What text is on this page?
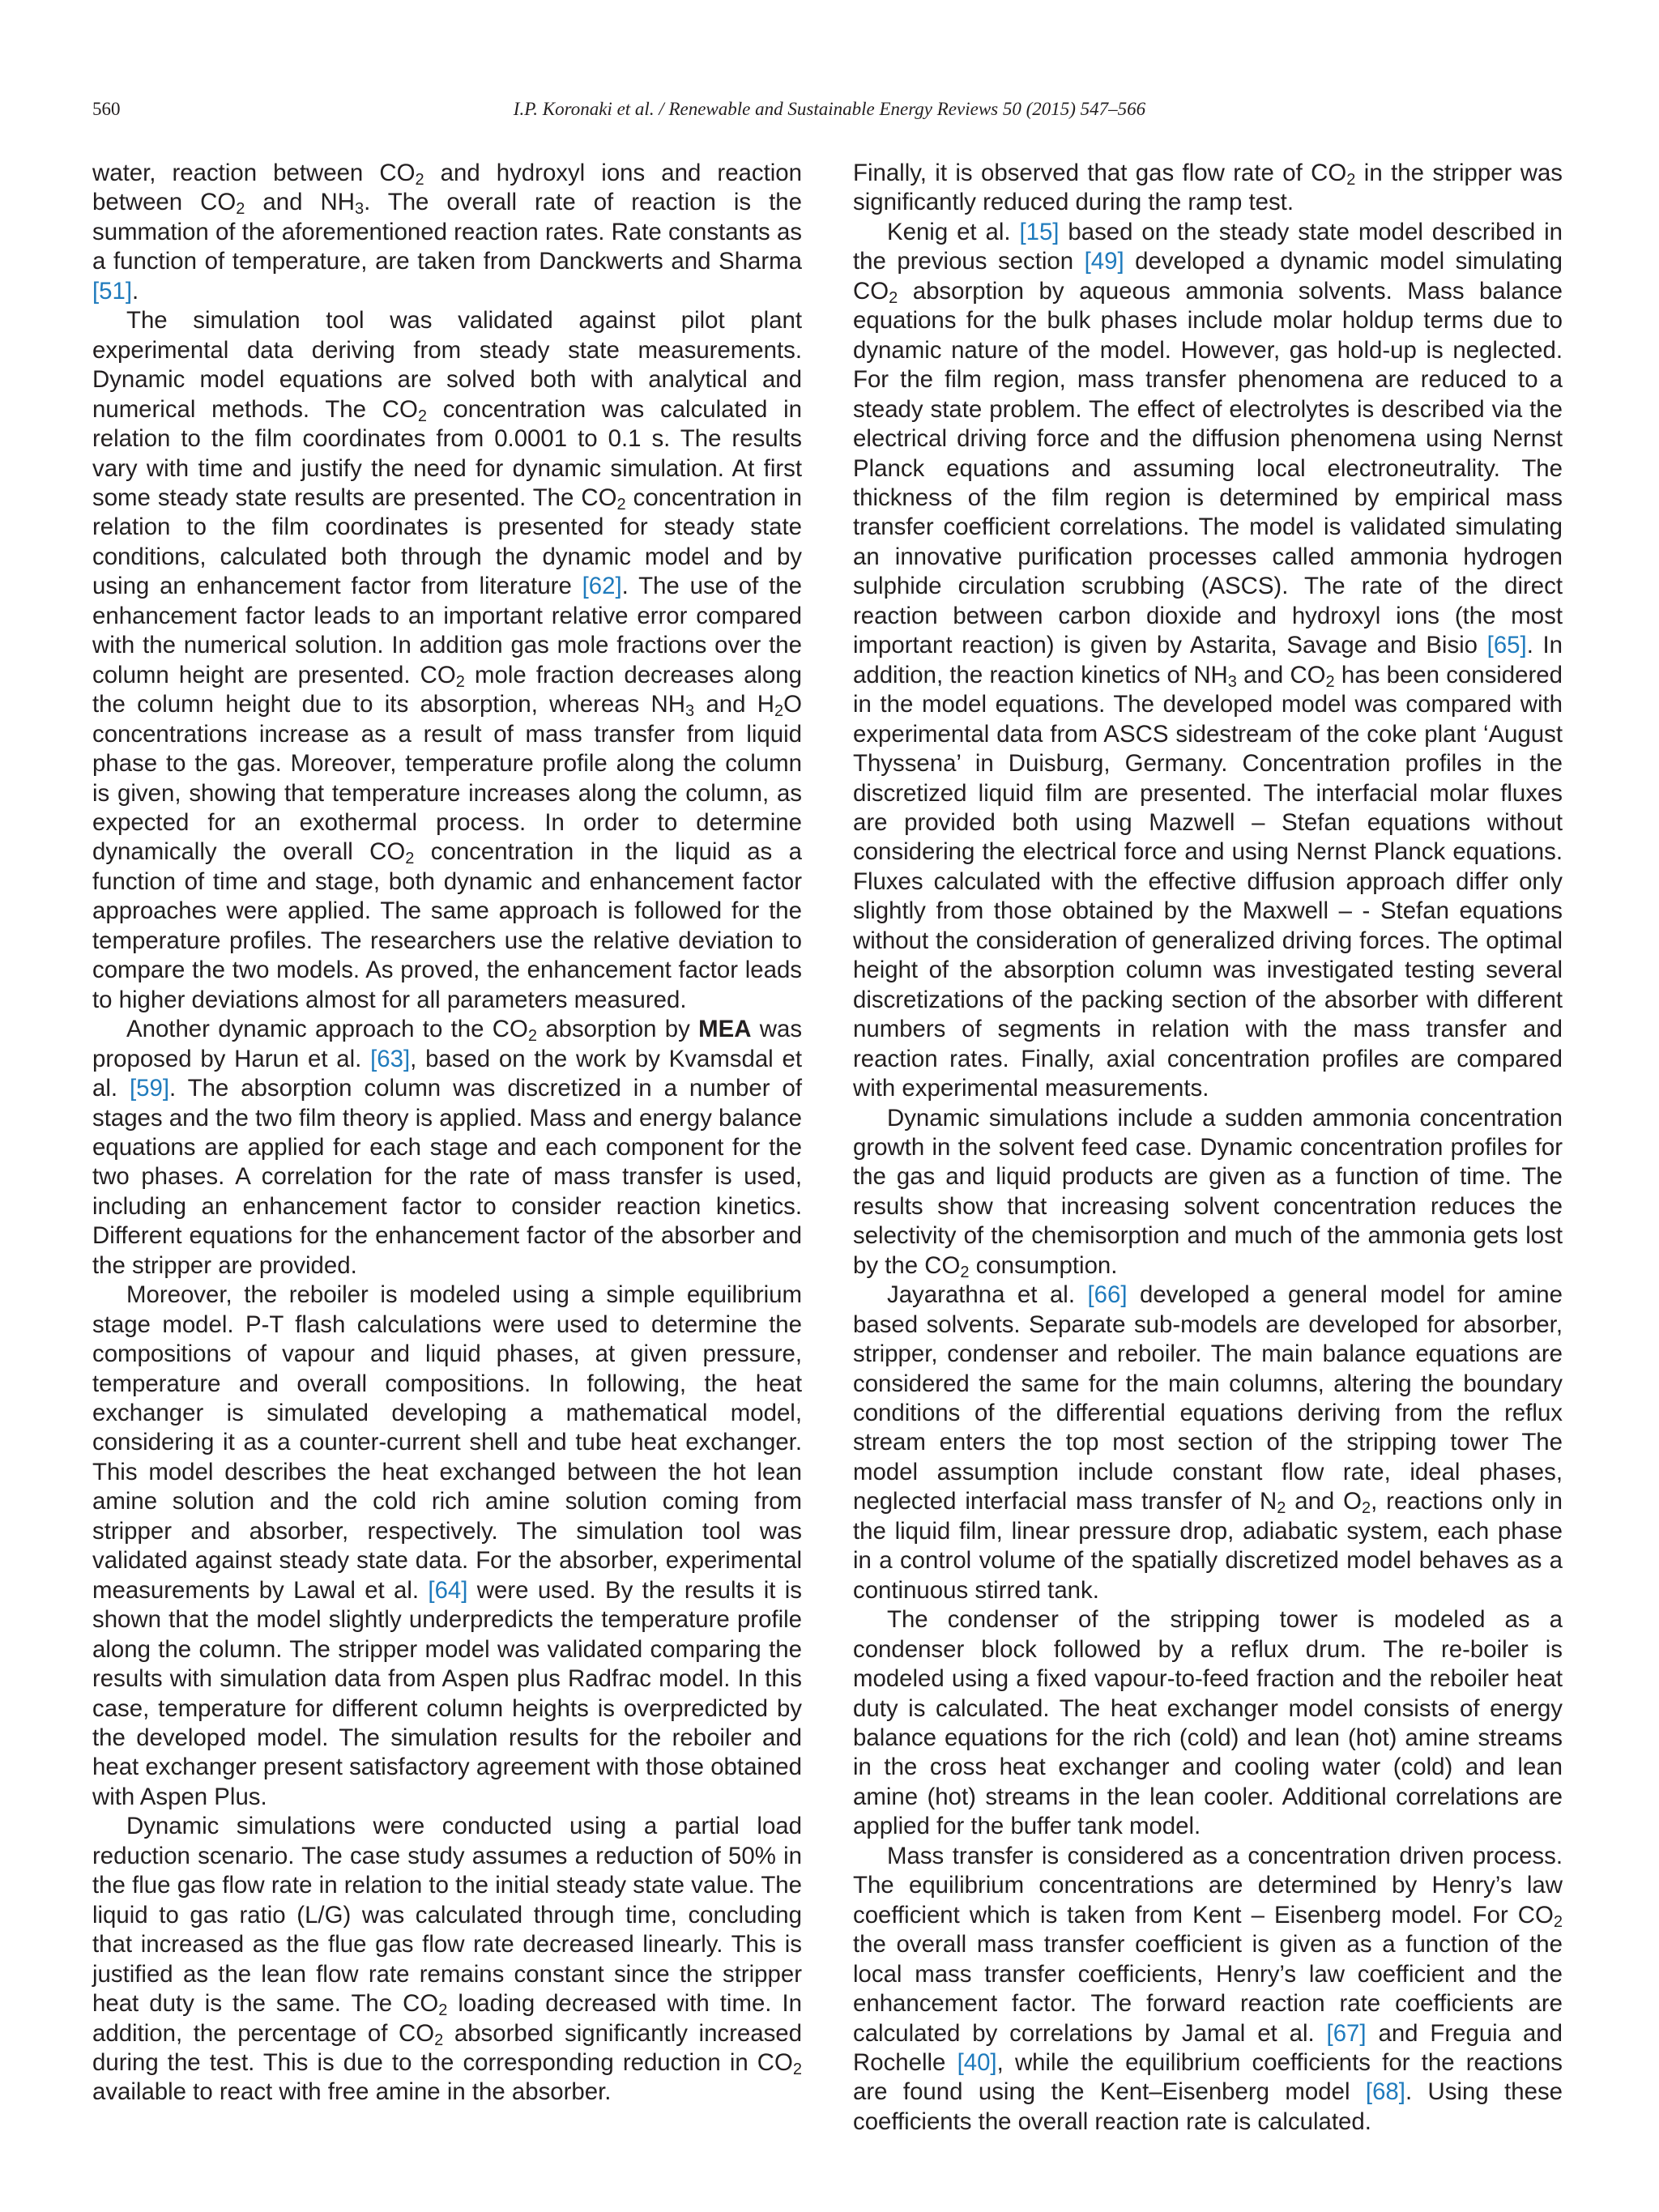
560	I.P. Koronaki et al. / Renewable and Sustainable Energy Reviews 50 (2015) 547–566

water, reaction between $CO_2$ and hydroxyl ions and reaction between $CO_2$ and $NH_3$. The overall rate of reaction is the summation of the aforementioned reaction rates. Rate constants as a function of temperature, are taken from Danckwerts and Sharma [51].

The simulation tool was validated against pilot plant experimental data deriving from steady state measurements. Dynamic model equations are solved both with analytical and numerical methods. The $CO_2$ concentration was calculated in relation to the film coordinates from 0.0001 to 0.1 s. The results vary with time and justify the need for dynamic simulation. At first some steady state results are presented. The $CO_2$ concentration in relation to the film coordinates is presented for steady state conditions, calculated both through the dynamic model and by using an enhancement factor from literature [62]. The use of the enhancement factor leads to an important relative error compared with the numerical solution. In addition gas mole fractions over the column height are presented. $CO_2$ mole fraction decreases along the column height due to its absorption, whereas $NH_3$ and $H_2O$ concentrations increase as a result of mass transfer from liquid phase to the gas. Moreover, temperature profile along the column is given, showing that temperature increases along the column, as expected for an exothermal process. In order to determine dynamically the overall $CO_2$ concentration in the liquid as a function of time and stage, both dynamic and enhancement factor approaches were applied. The same approach is followed for the temperature profiles. The researchers use the relative deviation to compare the two models. As proved, the enhancement factor leads to higher deviations almost for all parameters measured.

Another dynamic approach to the $CO_2$ absorption by MEA was proposed by Harun et al. [63], based on the work by Kvamsdal et al. [59]. The absorption column was discretized in a number of stages and the two film theory is applied. Mass and energy balance equations are applied for each stage and each component for the two phases. A correlation for the rate of mass transfer is used, including an enhancement factor to consider reaction kinetics. Different equations for the enhancement factor of the absorber and the stripper are provided.

Moreover, the reboiler is modeled using a simple equilibrium stage model. P-T flash calculations were used to determine the compositions of vapour and liquid phases, at given pressure, temperature and overall compositions. In following, the heat exchanger is simulated developing a mathematical model, considering it as a counter-current shell and tube heat exchanger. This model describes the heat exchanged between the hot lean amine solution and the cold rich amine solution coming from stripper and absorber, respectively. The simulation tool was validated against steady state data. For the absorber, experimental measurements by Lawal et al. [64] were used. By the results it is shown that the model slightly underpredicts the temperature profile along the column. The stripper model was validated comparing the results with simulation data from Aspen plus Radfrac model. In this case, temperature for different column heights is overpredicted by the developed model. The simulation results for the reboiler and heat exchanger present satisfactory agreement with those obtained with Aspen Plus.

Dynamic simulations were conducted using a partial load reduction scenario. The case study assumes a reduction of 50% in the flue gas flow rate in relation to the initial steady state value. The liquid to gas ratio (L/G) was calculated through time, concluding that increased as the flue gas flow rate decreased linearly. This is justified as the lean flow rate remains constant since the stripper heat duty is the same. The $CO_2$ loading decreased with time. In addition, the percentage of $CO_2$ absorbed significantly increased during the test. This is due to the corresponding reduction in $CO_2$ available to react with free amine in the absorber.

Finally, it is observed that gas flow rate of $CO_2$ in the stripper was significantly reduced during the ramp test.

Kenig et al. [15] based on the steady state model described in the previous section [49] developed a dynamic model simulating $CO_2$ absorption by aqueous ammonia solvents. Mass balance equations for the bulk phases include molar holdup terms due to dynamic nature of the model. However, gas hold-up is neglected. For the film region, mass transfer phenomena are reduced to a steady state problem. The effect of electrolytes is described via the electrical driving force and the diffusion phenomena using Nernst Planck equations and assuming local electroneutrality. The thickness of the film region is determined by empirical mass transfer coefficient correlations. The model is validated simulating an innovative purification processes called ammonia hydrogen sulphide circulation scrubbing (ASCS). The rate of the direct reaction between carbon dioxide and hydroxyl ions (the most important reaction) is given by Astarita, Savage and Bisio [65]. In addition, the reaction kinetics of $NH_3$ and $CO_2$ has been considered in the model equations. The developed model was compared with experimental data from ASCS sidestream of the coke plant ‘August Thyssena’ in Duisburg, Germany. Concentration profiles in the discretized liquid film are presented. The interfacial molar fluxes are provided both using Mazwell – Stefan equations without considering the electrical force and using Nernst Planck equations. Fluxes calculated with the effective diffusion approach differ only slightly from those obtained by the Maxwell – - Stefan equations without the consideration of generalized driving forces. The optimal height of the absorption column was investigated testing several discretizations of the packing section of the absorber with different numbers of segments in relation with the mass transfer and reaction rates. Finally, axial concentration profiles are compared with experimental measurements.

Dynamic simulations include a sudden ammonia concentration growth in the solvent feed case. Dynamic concentration profiles for the gas and liquid products are given as a function of time. The results show that increasing solvent concentration reduces the selectivity of the chemisorption and much of the ammonia gets lost by the $CO_2$ consumption.

Jayarathna et al. [66] developed a general model for amine based solvents. Separate sub-models are developed for absorber, stripper, condenser and reboiler. The main balance equations are considered the same for the main columns, altering the boundary conditions of the differential equations deriving from the reflux stream enters the top most section of the stripping tower The model assumption include constant flow rate, ideal phases, neglected interfacial mass transfer of $N_2$ and $O_2$, reactions only in the liquid film, linear pressure drop, adiabatic system, each phase in a control volume of the spatially discretized model behaves as a continuous stirred tank.

The condenser of the stripping tower is modeled as a condenser block followed by a reflux drum. The re-boiler is modeled using a fixed vapour-to-feed fraction and the reboiler heat duty is calculated. The heat exchanger model consists of energy balance equations for the rich (cold) and lean (hot) amine streams in the cross heat exchanger and cooling water (cold) and lean amine (hot) streams in the lean cooler. Additional correlations are applied for the buffer tank model.

Mass transfer is considered as a concentration driven process. The equilibrium concentrations are determined by Henry’s law coefficient which is taken from Kent – Eisenberg model. For $CO_2$ the overall mass transfer coefficient is given as a function of the local mass transfer coefficients, Henry’s law coefficient and the enhancement factor. The forward reaction rate coefficients are calculated by correlations by Jamal et al. [67] and Freguia and Rochelle [40], while the equilibrium coefficients for the reactions are found using the Kent–Eisenberg model [68]. Using these coefficients the overall reaction rate is calculated.
